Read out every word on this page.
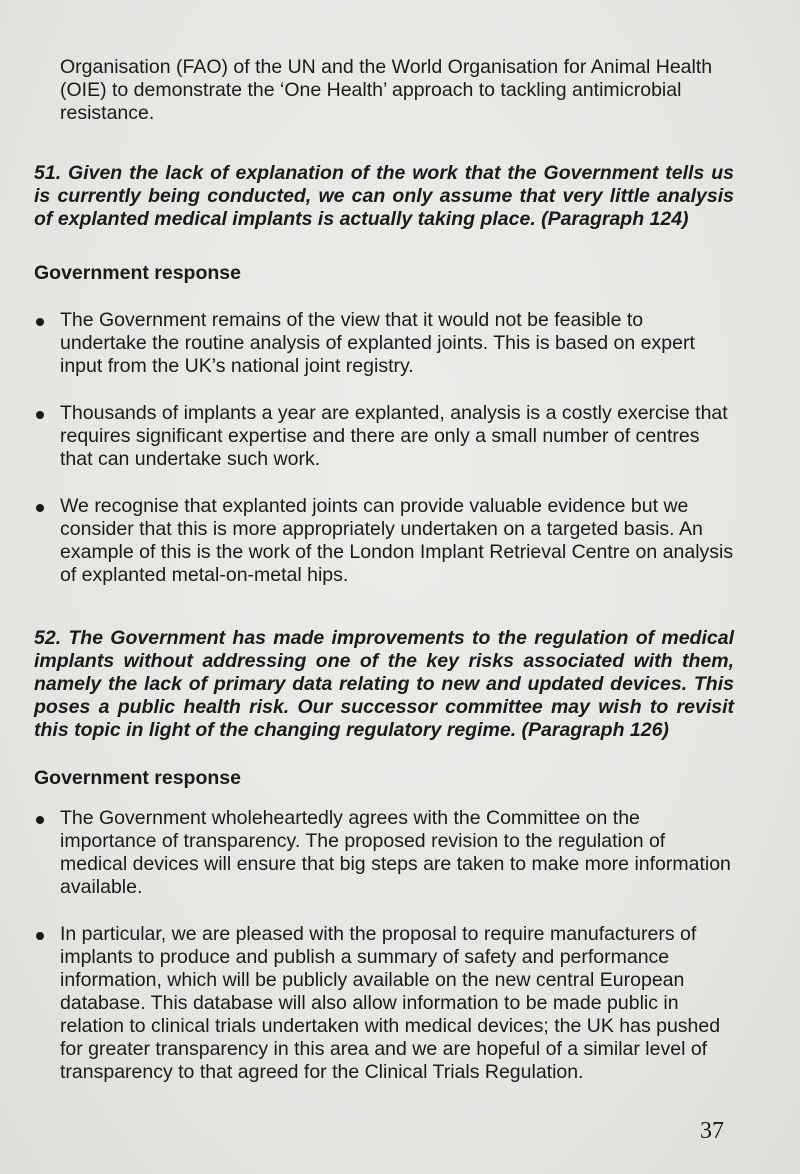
Organisation (FAO) of the UN and the World Organisation for Animal Health (OIE) to demonstrate the ‘One Health’ approach to tackling antimicrobial resistance.

51. Given the lack of explanation of the work that the Government tells us is currently being conducted, we can only assume that very little analysis of explanted medical implants is actually taking place. (Paragraph 124)

Government response
The Government remains of the view that it would not be feasible to undertake the routine analysis of explanted joints. This is based on expert input from the UK’s national joint registry.
Thousands of implants a year are explanted, analysis is a costly exercise that requires significant expertise and there are only a small number of centres that can undertake such work.
We recognise that explanted joints can provide valuable evidence but we consider that this is more appropriately undertaken on a targeted basis. An example of this is the work of the London Implant Retrieval Centre on analysis of explanted metal-on-metal hips.

52. The Government has made improvements to the regulation of medical implants without addressing one of the key risks associated with them, namely the lack of primary data relating to new and updated devices. This poses a public health risk. Our successor committee may wish to revisit this topic in light of the changing regulatory regime. (Paragraph 126)

Government response
The Government wholeheartedly agrees with the Committee on the importance of transparency. The proposed revision to the regulation of medical devices will ensure that big steps are taken to make more information available.
In particular, we are pleased with the proposal to require manufacturers of implants to produce and publish a summary of safety and performance information, which will be publicly available on the new central European database. This database will also allow information to be made public in relation to clinical trials undertaken with medical devices; the UK has pushed for greater transparency in this area and we are hopeful of a similar level of transparency to that agreed for the Clinical Trials Regulation.

37
